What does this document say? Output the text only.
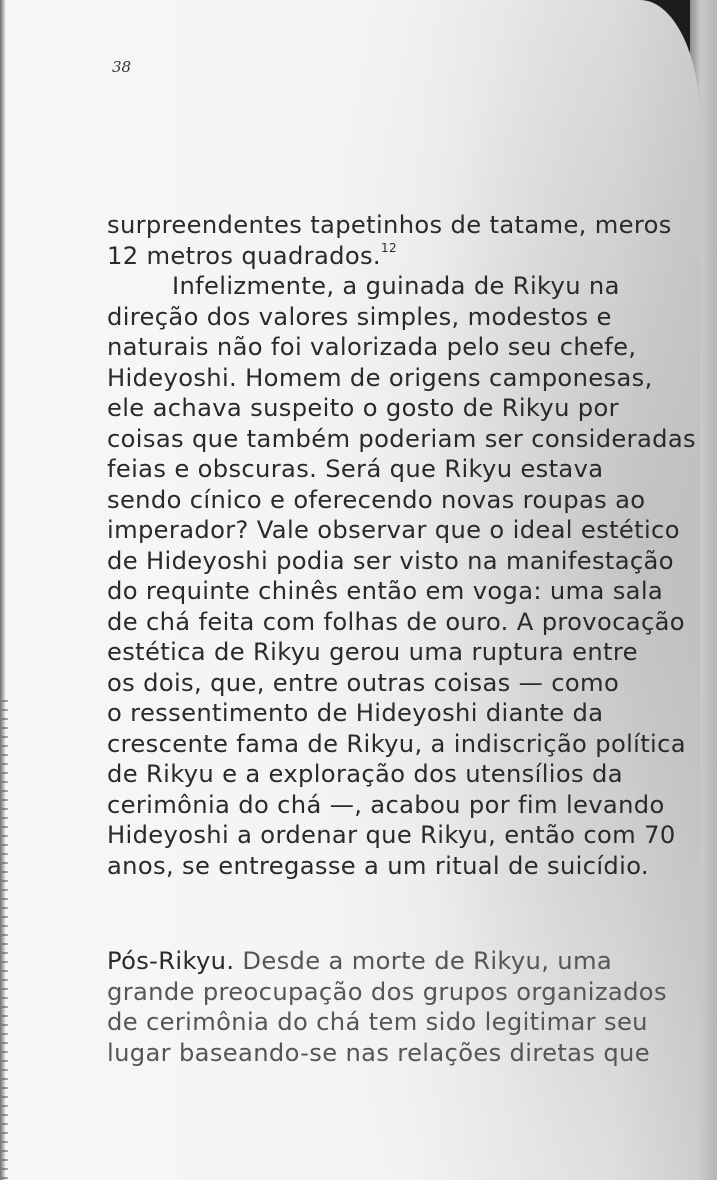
38
surpreendentes tapetinhos de tatame, meros
12 metros quadrados.$^{12}$
Infelizmente, a guinada de Rikyu na
direção dos valores simples, modestos e
naturais não foi valorizada pelo seu chefe,
Hideyoshi. Homem de origens camponesas,
ele achava suspeito o gosto de Rikyu por
coisas que também poderiam ser consideradas
feias e obscuras. Será que Rikyu estava
sendo cínico e oferecendo novas roupas ao
imperador? Vale observar que o ideal estético
de Hideyoshi podia ser visto na manifestação
do requinte chinês então em voga: uma sala
de chá feita com folhas de ouro. A provocação
estética de Rikyu gerou uma ruptura entre
os dois, que, entre outras coisas — como
o ressentimento de Hideyoshi diante da
crescente fama de Rikyu, a indiscrição política
de Rikyu e a exploração dos utensílios da
cerimônia do chá —, acabou por fim levando
Hideyoshi a ordenar que Rikyu, então com 70
anos, se entregasse a um ritual de suicídio.
Pós-Rikyu. Desde a morte de Rikyu, uma
grande preocupação dos grupos organizados
de cerimônia do chá tem sido legitimar seu
lugar baseando-se nas relações diretas que
